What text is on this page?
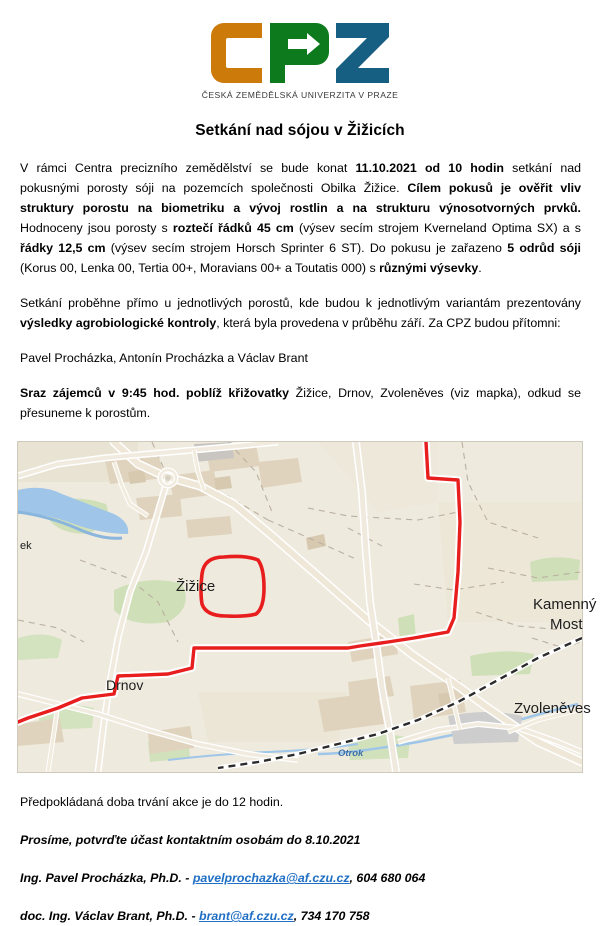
ČESKÁ ZEMĚDĚLSKÁ UNIVERZITA V PRAZE
Setkání nad sójou v Žižicích

V rámci Centra precizního zemědělství se bude konat 11.10.2021 od 10 hodin setkání nad pokusnými porosty sóji na pozemcích společnosti Obilka Žižice. Cílem pokusů je ověřit vliv struktury porostu na biometriku a vývoj rostlin a na strukturu výnosotvorných prvků. Hodnoceny jsou porosty s roztečí řádků 45 cm (výsev secím strojem Kverneland Optima SX) a s řádky 12,5 cm (výsev secím strojem Horsch Sprinter 6 ST). Do pokusu je zařazeno 5 odrůd sóji (Korus 00, Lenka 00, Tertia 00+, Moravians 00+ a Toutatis 000) s různými výsevky.

Setkání proběhne přímo u jednotlivých porostů, kde budou k jednotlivým variantám prezentovány výsledky agrobiologické kontroly, která byla provedena v průběhu září. Za CPZ budou přítomni:

Pavel Procházka, Antonín Procházka a Václav Brant

Sraz zájemců v 9:45 hod. poblíž křižovatky Žižice, Drnov, Zvoleněves (viz mapka), odkud se přesuneme k porostům.

Žižice
Drnov
Kamenný
Most
Zvoleněves
ek
Otrok

Předpokládaná doba trvání akce je do 12 hodin.

Prosíme, potvrďte účast kontaktním osobám do 8.10.2021

Ing. Pavel Procházka, Ph.D. - pavelprochazka@af.czu.cz, 604 680 064

doc. Ing. Václav Brant, Ph.D. - brant@af.czu.cz, 734 170 758
